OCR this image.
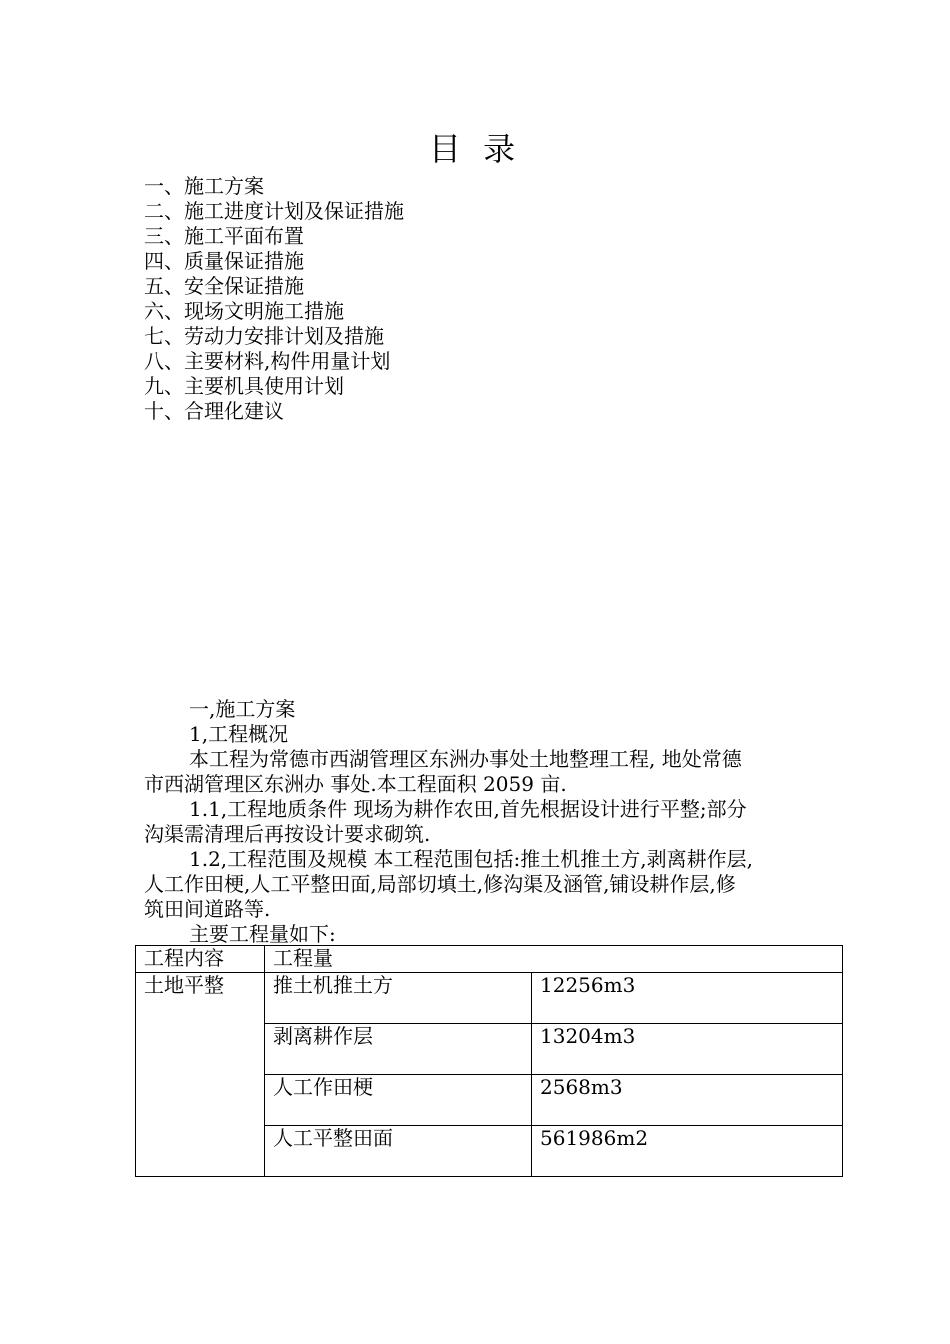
目 录
一、施工方案
二、施工进度计划及保证措施
三、施工平面布置
四、质量保证措施
五、安全保证措施
六、现场文明施工措施
七、劳动力安排计划及措施
八、主要材料,构件用量计划
九、主要机具使用计划
十、合理化建议
一,施工方案
1,工程概况
本工程为常德市西湖管理区东洲办事处土地整理工程, 地处常德
市西湖管理区东洲办 事处.本工程面积 2059 亩.
1.1,工程地质条件 现场为耕作农田,首先根据设计进行平整;部分
沟渠需清理后再按设计要求砌筑.
1.2,工程范围及规模 本工程范围包括:推土机推土方,剥离耕作层,
人工作田梗,人工平整田面,局部切填土,修沟渠及涵管,铺设耕作层,修
筑田间道路等.
主要工程量如下:
工程内容	工程量	
土地平整	推土机推土方	12256m3
	剥离耕作层	13204m3
	人工作田梗	2568m3
	人工平整田面	561986m2
